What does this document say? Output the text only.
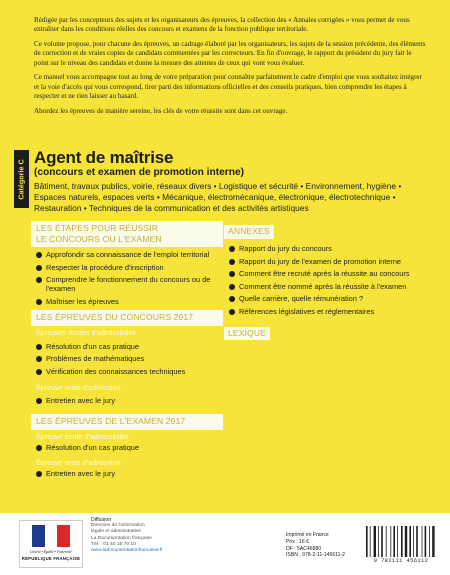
Rédigée par les concepteurs des sujets et les organisateurs des épreuves, la collection des « Annales corrigées » vous permet de vous entraîner dans les conditions réelles des concours et examens de la fonction publique territoriale.

Ce volume propose, pour chacune des épreuves, un cadrage élaboré par les organisateurs, les sujets de la session précédente, des éléments de correction et de vraies copies de candidats commentées par les correcteurs. En fin d'ouvrage, le rapport du président du jury fait le point sur le niveau des candidats et donne la mesure des attentes de ceux qui vont vous évaluer.

Ce manuel vous accompagne tout au long de votre préparation pour connaître parfaitement le cadre d'emploi que vous souhaitez intégrer et la voie d'accès qui vous correspond, tirer parti des informations officielles et des conseils pratiques, bien comprendre les étapes à respecter et ne rien laisser au hasard.

Abordez les épreuves de manière sereine, les clés de votre réussite sont dans cet ouvrage.

Catégorie C
Agent de maîtrise
(concours et examen de promotion interne)
Bâtiment, travaux publics, voirie, réseaux divers • Logistique et sécurité • Environnement, hygiène • Espaces naturels, espaces verts • Mécanique, électromécanique, électronique, électrotechnique • Restauration • Techniques de la communication et des activités artistiques
LES ÉTAPES POUR RÉUSSIR
LE CONCOURS OU L'EXAMEN
Approfondir sa connaissance de l'emploi territorial
Respecter la procédure d'inscription
Comprendre le fonctionnement du concours ou de l'examen
Maîtriser les épreuves
LES ÉPREUVES DU CONCOURS 2017
Épreuves écrites d'admissibilité
Résolution d'un cas pratique
Problèmes de mathématiques
Vérification des connaissances techniques
Épreuve orale d'admission
Entretien avec le jury
LES ÉPREUVES DE L'EXAMEN 2017
Épreuve écrite d'admissibilité
Résolution d'un cas pratique
Épreuve orale d'admission
Entretien avec le jury
ANNEXES
Rapport du jury du concours
Rapport du jury de l'examen de promotion interne
Comment être recruté après la réussite au concours
Comment être nommé après la réussite à l'examen
Quelle carrière, quelle rémunération ?
Références législatives et réglementaires
LEXIQUE
Liberté • Égalité • Fraternité
RÉPUBLIQUE FRANÇAISE
Diffusion
Direction de l'information
légale et administrative
La Documentation française
Tél. : 01 40 15 70 10
www.ladocumentationfrancaise.fr
Imprimé en France
Prix : 16 €
DF : 5AC46880
ISBN : 978-2-11-145611-2
9 782111 456112
